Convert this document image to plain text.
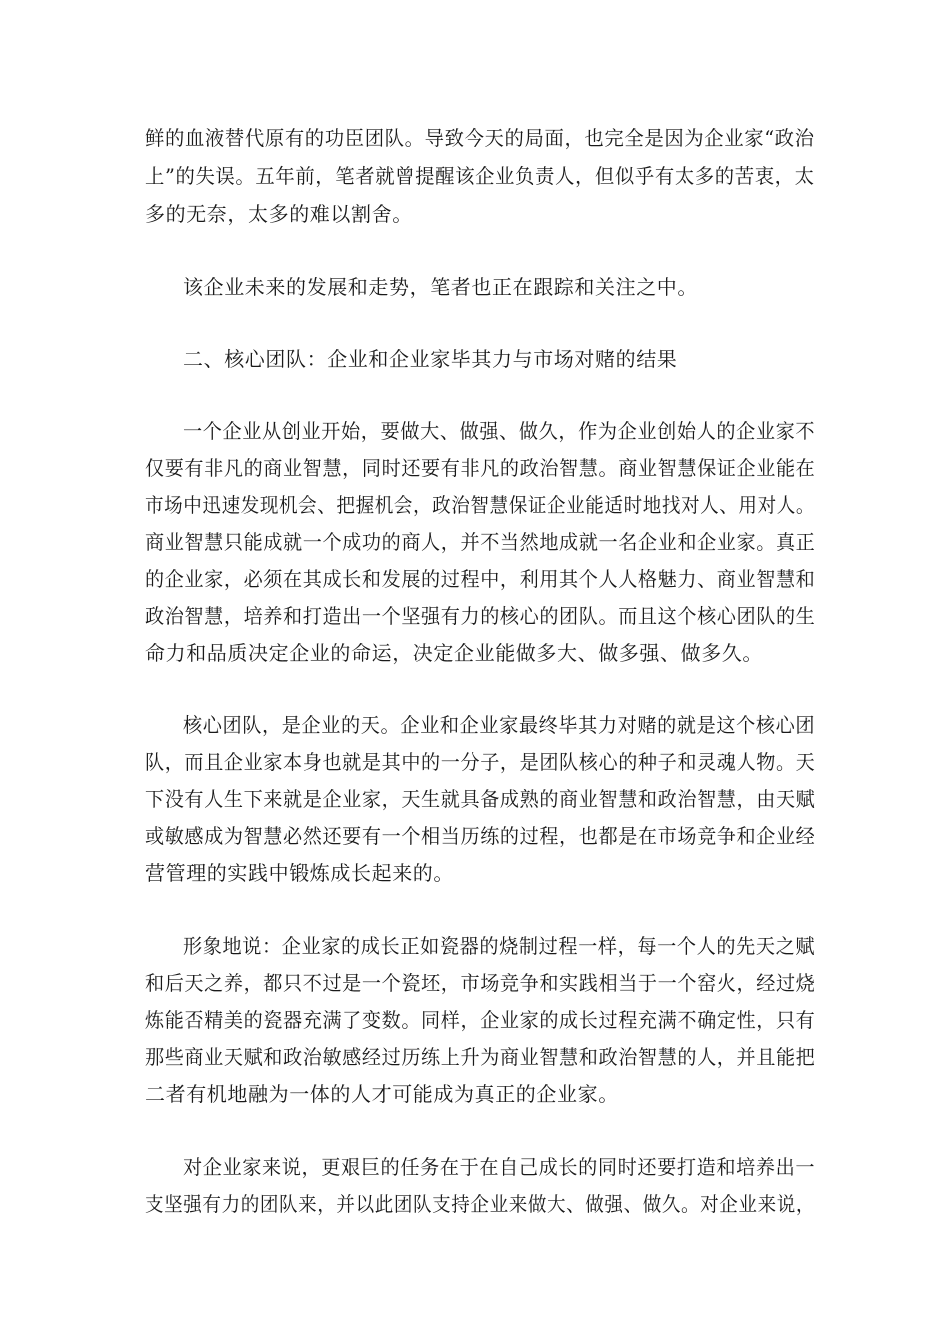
鲜的血液替代原有的功臣团队。导致今天的局面，也完全是因为企业家“政治
上”的失误。五年前，笔者就曾提醒该企业负责人，但似乎有太多的苦衷，太
多的无奈，太多的难以割舍。
该企业未来的发展和走势，笔者也正在跟踪和关注之中。
二、核心团队：企业和企业家毕其力与市场对赌的结果
一个企业从创业开始，要做大、做强、做久，作为企业创始人的企业家不
仅要有非凡的商业智慧，同时还要有非凡的政治智慧。商业智慧保证企业能在
市场中迅速发现机会、把握机会，政治智慧保证企业能适时地找对人、用对人。
商业智慧只能成就一个成功的商人，并不当然地成就一名企业和企业家。真正
的企业家，必须在其成长和发展的过程中，利用其个人人格魅力、商业智慧和
政治智慧，培养和打造出一个坚强有力的核心的团队。而且这个核心团队的生
命力和品质决定企业的命运，决定企业能做多大、做多强、做多久。
核心团队，是企业的天。企业和企业家最终毕其力对赌的就是这个核心团
队，而且企业家本身也就是其中的一分子，是团队核心的种子和灵魂人物。天
下没有人生下来就是企业家，天生就具备成熟的商业智慧和政治智慧，由天赋
或敏感成为智慧必然还要有一个相当历练的过程，也都是在市场竞争和企业经
营管理的实践中锻炼成长起来的。
形象地说：企业家的成长正如瓷器的烧制过程一样，每一个人的先天之赋
和后天之养，都只不过是一个瓷坯，市场竞争和实践相当于一个窑火，经过烧
炼能否精美的瓷器充满了变数。同样，企业家的成长过程充满不确定性，只有
那些商业天赋和政治敏感经过历练上升为商业智慧和政治智慧的人，并且能把
二者有机地融为一体的人才可能成为真正的企业家。
对企业家来说，更艰巨的任务在于在自己成长的同时还要打造和培养出一
支坚强有力的团队来，并以此团队支持企业来做大、做强、做久。对企业来说，
